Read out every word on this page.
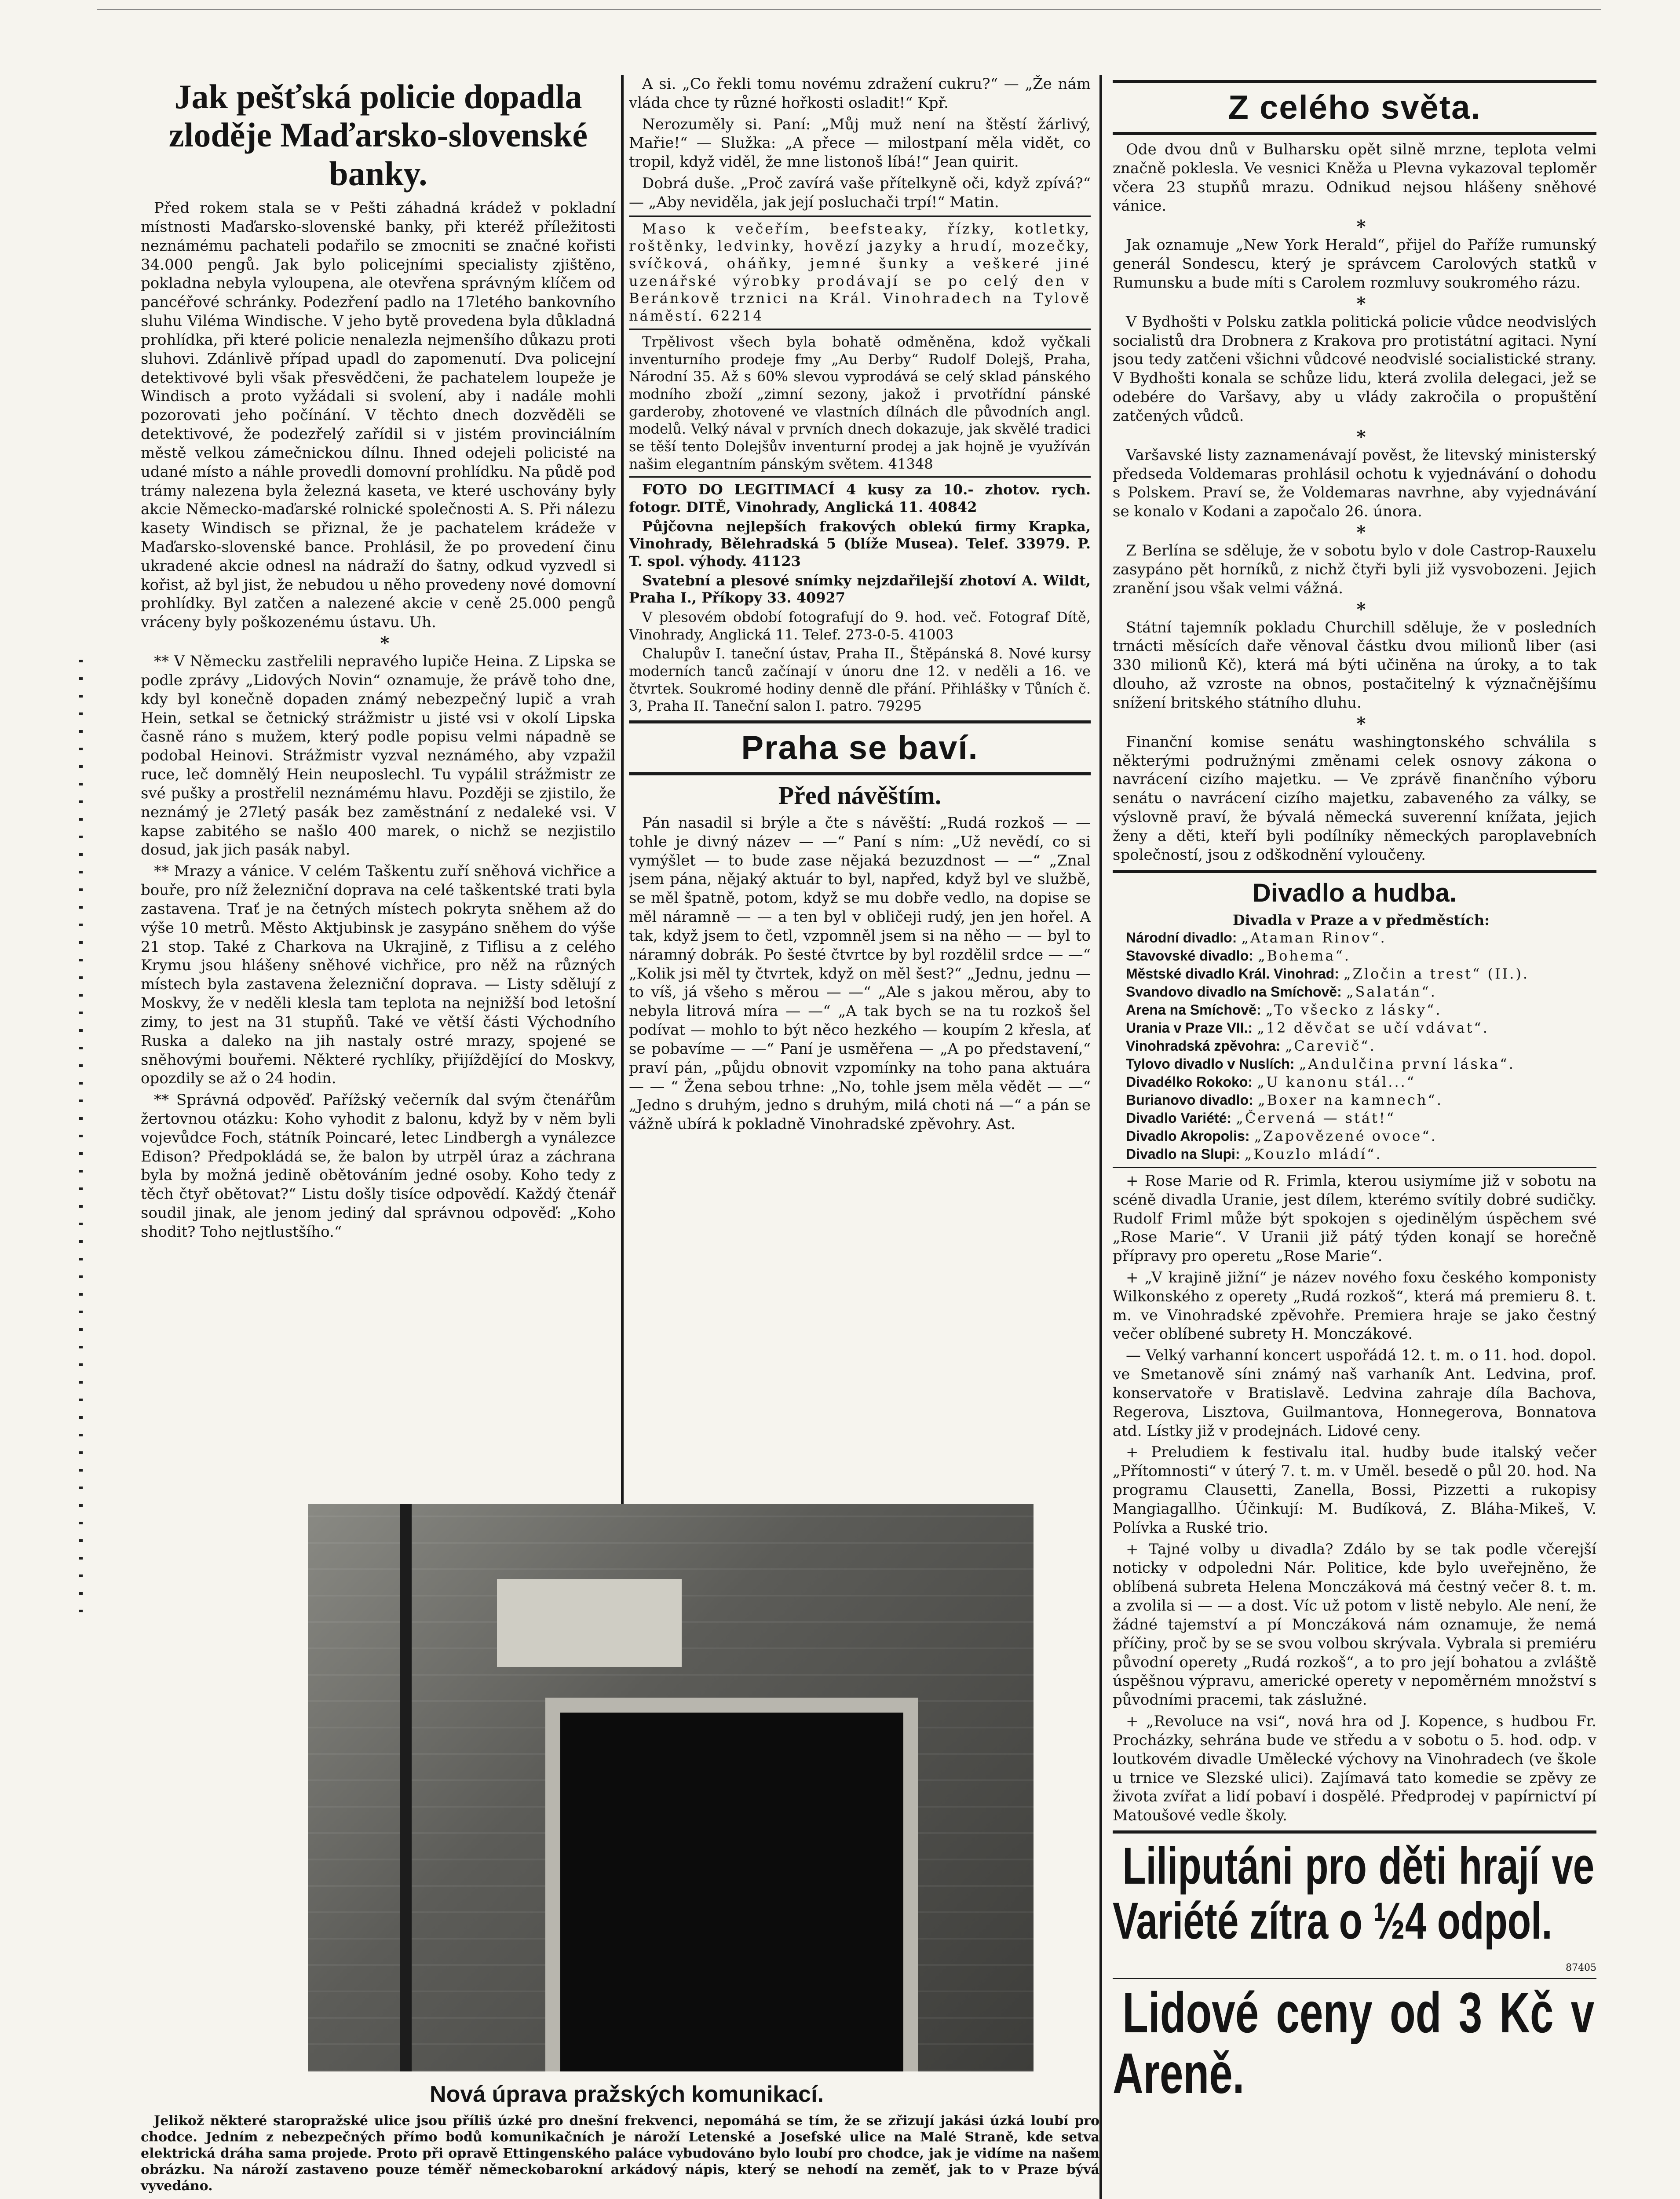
Jak pešťská policie dopadla zloděje Maďarsko-slovenské banky.

Před rokem stala se v Pešti záhadná krádež v pokladní místnosti Maďarsko-slovenské banky, při kteréž příležitosti neznámému pachateli podařilo se zmocniti se značné kořisti 34.000 pengů. Jak bylo policejními specialisty zjištěno, pokladna nebyla vyloupena, ale otevřena správným klíčem od pancéřové schránky. Podezření padlo na 17letého bankovního sluhu Viléma Windische. V jeho bytě provedena byla důkladná prohlídka, při které policie nenalezla nejmenšího důkazu proti sluhovi. Zdánlivě případ upadl do zapomenutí. Dva policejní detektivové byli však přesvědčeni, že pachatelem loupeže je Windisch a proto vyžádali si svolení, aby i nadále mohli pozorovati jeho počínání. V těchto dnech dozvěděli se detektivové, že podezřelý zařídil si v jistém provinciálním městě velkou zámečnickou dílnu. Ihned odejeli policisté na udané místo a náhle provedli domovní prohlídku. Na půdě pod trámy nalezena byla železná kaseta, ve které uschovány byly akcie Německo-maďarské rolnické společnosti A. S. Při nálezu kasety Windisch se přiznal, že je pachatelem krádeže v Maďarsko-slovenské bance. Prohlásil, že po provedení činu ukradené akcie odnesl na nádraží do šatny, odkud vyzvedl si kořist, až byl jist, že nebudou u něho provedeny nové domovní prohlídky. Byl zatčen a nalezené akcie v ceně 25.000 pengů vráceny byly poškozenému ústavu. Uh.

*

** V Německu zastřelili nepravého lupiče Heina. Z Lipska se podle zprávy „Lidových Novin“ oznamuje, že právě toho dne, kdy byl konečně dopaden známý nebezpečný lupič a vrah Hein, setkal se četnický strážmistr u jisté vsi v okolí Lipska časně ráno s mužem, který podle popisu velmi nápadně se podobal Heinovi. Strážmistr vyzval neznámého, aby vzpažil ruce, leč domnělý Hein neuposlechl. Tu vypálil strážmistr ze své pušky a prostřelil neznámému hlavu. Později se zjistilo, že neznámý je 27letý pasák bez zaměstnání z nedaleké vsi. V kapse zabitého se našlo 400 marek, o nichž se nezjistilo dosud, jak jich pasák nabyl.

** Mrazy a vánice. V celém Taškentu zuří sněhová vichřice a bouře, pro níž železniční doprava na celé taškentské trati byla zastavena. Trať je na četných místech pokryta sněhem až do výše 10 metrů. Město Aktjubinsk je zasypáno sněhem do výše 21 stop. Také z Charkova na Ukrajině, z Tiflisu a z celého Krymu jsou hlášeny sněhové vichřice, pro něž na různých místech byla zastavena železniční doprava. — Listy sdělují z Moskvy, že v neděli klesla tam teplota na nejnižší bod letošní zimy, to jest na 31 stupňů. Také ve větší části Východního Ruska a daleko na jih nastaly ostré mrazy, spojené se sněhovými bouřemi. Některé rychlíky, přijíždějící do Moskvy, opozdily se až o 24 hodin.

** Správná odpověď. Pařížský večerník dal svým čtenářům žertovnou otázku: Koho vyhodit z balonu, když by v něm byli vojevůdce Foch, státník Poincaré, letec Lindbergh a vynálezce Edison? Předpokládá se, že balon by utrpěl úraz a záchrana byla by možná jedině obětováním jedné osoby. Koho tedy z těch čtyř obětovat?“ Listu došly tisíce odpovědí. Každý čtenář soudil jinak, ale jenom jediný dal správnou odpověď: „Koho shodit? Toho nejtlustšího.“

A si. „Co řekli tomu novému zdražení cukru?“ — „Že nám vláda chce ty různé hořkosti osladit!“ Kpř.

Nerozuměly si. Paní: „Můj muž není na štěstí žárlivý, Mařie!“ — Služka: „A přece — milostpaní měla vidět, co tropil, když viděl, že mne listonoš líbá!“ Jean quirit.

Dobrá duše. „Proč zavírá vaše přítelkyně oči, když zpívá?“ — „Aby neviděla, jak její posluchači trpí!“ Matin.

Maso k večeřím, beefsteaky, řízky, kotletky, roštěnky, ledvinky, hovězí jazyky a hrudí, mozečky, svíčková, oháňky, jemné šunky a veškeré jiné uzenářské výrobky prodávají se po celý den v Beránkově trznici na Král. Vinohradech na Tylově náměstí. 62214

Trpělivost všech byla bohatě odměněna, kdož vyčkali inventurního prodeje fmy „Au Derby“ Rudolf Dolejš, Praha, Národní 35. Až s 60% slevou vyprodává se celý sklad pánského modního zboží „zimní sezony, jakož i prvotřídní pánské garderoby, zhotovené ve vlastních dílnách dle původních angl. modelů. Velký nával v prvních dnech dokazuje, jak skvělé tradici se těší tento Dolejšův inventurní prodej a jak hojně je využíván našim elegantním pánským světem. 41348

FOTO DO LEGITIMACÍ 4 kusy za 10.- zhotov. rych. fotogr. DITĚ, Vinohrady, Anglická 11. 40842

Půjčovna nejlepších frakových oblekú firmy Krapka, Vinohrady, Bělehradská 5 (blíže Musea). Telef. 33979. P. T. spol. výhody. 41123

Svatební a plesové snímky nejzdařilejší zhotoví A. Wildt, Praha I., Příkopy 33. 40927

V plesovém období fotografují do 9. hod. več. Fotograf Dítě, Vinohrady, Anglická 11. Telef. 273-0-5. 41003

Chalupův I. taneční ústav, Praha II., Štěpánská 8. Nové kursy moderních tanců začínají v únoru dne 12. v neděli a 16. ve čtvrtek. Soukromé hodiny denně dle přání. Přihlášky v Tůních č. 3, Praha II. Taneční salon I. patro. 79295

Praha se baví.
Před návěštím.

Pán nasadil si brýle a čte s návěští: „Rudá rozkoš — — tohle je divný název — —“ Paní s ním: „Už nevědí, co si vymýšlet — to bude zase nějaká bezuzdnost — —“ „Znal jsem pána, nějaký aktuár to byl, napřed, když byl ve službě, se měl špatně, potom, když se mu dobře vedlo, na dopise se měl náramně — — a ten byl v obličeji rudý, jen jen hořel. A tak, když jsem to četl, vzpomněl jsem si na něho — — byl to náramný dobrák. Po šesté čtvrtce by byl rozdělil srdce — —“ „Kolik jsi měl ty čtvrtek, když on měl šest?“ „Jednu, jednu — to víš, já všeho s měrou — —“ „Ale s jakou měrou, aby to nebyla litrová míra — —“ „A tak bych se na tu rozkoš šel podívat — mohlo to být něco hezkého — koupím 2 křesla, ať se pobavíme — —“ Paní je usměřena — „A po představení,“ praví pán, „půjdu obnovit vzpomínky na toho pana aktuára — — “ Žena sebou trhne: „No, tohle jsem měla vědět — —“ „Jedno s druhým, jedno s druhým, milá choti ná —“ a pán se vážně ubírá k pokladně Vinohradské zpěvohry. Ast.

Z celého světa.

Ode dvou dnů v Bulharsku opět silně mrzne, teplota velmi značně poklesla. Ve vesnici Kněža u Plevna vykazoval teploměr včera 23 stupňů mrazu. Odnikud nejsou hlášeny sněhové vánice.

*

Jak oznamuje „New York Herald“, přijel do Paříže rumunský generál Sondescu, který je správcem Carolových statků v Rumunsku a bude míti s Carolem rozmluvy soukromého rázu.

*

V Bydhošti v Polsku zatkla politická policie vůdce neodvislých socialistů dra Drobnera z Krakova pro protistátní agitaci. Nyní jsou tedy zatčeni všichni vůdcové neodvislé socialistické strany. V Bydhošti konala se schůze lidu, která zvolila delegaci, jež se odebére do Varšavy, aby u vlády zakročila o propuštění zatčených vůdců.

*

Varšavské listy zaznamenávají pověst, že litevský ministerský předseda Voldemaras prohlásil ochotu k vyjednávání o dohodu s Polskem. Praví se, že Voldemaras navrhne, aby vyjednávání se konalo v Kodani a započalo 26. února.

*

Z Berlína se sděluje, že v sobotu bylo v dole Castrop-Rauxelu zasypáno pět horníků, z nichž čtyři byli již vysvobozeni. Jejich zranění jsou však velmi vážná.

*

Státní tajemník pokladu Churchill sděluje, že v posledních trnácti měsících daře věnoval částku dvou milionů liber (asi 330 milionů Kč), která má býti učiněna na úroky, a to tak dlouho, až vzroste na obnos, postačitelný k význačnějšímu snížení britského státního dluhu.

*

Finanční komise senátu washingtonského schválila s některými podružnými změnami celek osnovy zákona o navrácení cizího majetku. — Ve zprávě finančního výboru senátu o navrácení cizího majetku, zabaveného za války, se výslovně praví, že bývalá německá suverenní knížata, jejich ženy a děti, kteří byli podílníky německých paroplavebních společností, jsou z odškodnění vyloučeny.

Divadlo a hudba.

Divadla v Praze a v předměstích:

Národní divadlo: „Ataman Rinov“.

Stavovské divadlo: „Bohema“.

Městské divadlo Král. Vinohrad: „Zločin a trest“ (II.).

Svandovo divadlo na Smíchově: „Salatán“.

Arena na Smíchově: „To všecko z lásky“.

Urania v Praze VII.: „12 děvčat se učí vdávat“.

Vinohradská zpěvohra: „Carevič“.

Tylovo divadlo v Nuslích: „Andulčina první láska“.

Divadélko Rokoko: „U kanonu stál...“

Burianovo divadlo: „Boxer na kamnech“.

Divadlo Variété: „Červená — stát!“

Divadlo Akropolis: „Zapovězené ovoce“.

Divadlo na Slupi: „Kouzlo mládí“.

+ Rose Marie od R. Frimla, kterou usiymíme již v sobotu na scéně divadla Uranie, jest dílem, kterémo svítily dobré sudičky. Rudolf Friml může být spokojen s ojedinělým úspěchem své „Rose Marie“. V Uranii již pátý týden konají se horečně přípravy pro operetu „Rose Marie“.

+ „V krajině jižní“ je název nového foxu českého komponisty Wilkonského z operety „Rudá rozkoš“, která má premieru 8. t. m. ve Vinohradské zpěvohře. Premiera hraje se jako čestný večer oblíbené subrety H. Monczákové.

— Velký varhanní koncert uspořádá 12. t. m. o 11. hod. dopol. ve Smetanově síni známý naš varhaník Ant. Ledvina, prof. konservatoře v Bratislavě. Ledvina zahraje díla Bachova, Regerova, Lisztova, Guilmantova, Honnegerova, Bonnatova atd. Lístky již v prodejnách. Lidové ceny.

+ Preludiem k festivalu ital. hudby bude italský večer „Přítomnosti“ v úterý 7. t. m. v Uměl. besedě o půl 20. hod. Na programu Clausetti, Zanella, Bossi, Pizzetti a rukopisy Mangiagallho. Účinkují: M. Budíková, Z. Bláha-Mikeš, V. Polívka a Ruské trio.

+ Tajné volby u divadla? Zdálo by se tak podle včerejší noticky v odpoledni Nár. Politice, kde bylo uveřejněno, že oblíbená subreta Helena Monczáková má čestný večer 8. t. m. a zvolila si — — a dost. Víc už potom v listě nebylo. Ale není, že žádné tajemství a pí Monczáková nám oznamuje, že nemá příčiny, proč by se se svou volbou skrývala. Vybrala si premiéru původní operety „Rudá rozkoš“, a to pro její bohatou a zvláště úspěšnou výpravu, americké operety v nepoměrném množství s původními pracemi, tak záslužné.

+ „Revoluce na vsi“, nová hra od J. Kopence, s hudbou Fr. Procházky, sehrána bude ve středu a v sobotu o 5. hod. odp. v loutkovém divadle Umělecké výchovy na Vinohradech (ve škole u trnice ve Slezské ulici). Zajímavá tato komedie se zpěvy ze života zvířat a lidí pobaví i dospělé. Předprodej v papírnictví pí Matoušové vedle školy.

Liliputáni pro děti hrají ve Variété zítra o ½4 odpol.

87405

Lidové ceny od 3 Kč v Areně.

Nová úprava pražských komunikací.

Jelikož některé staropražské ulice jsou příliš úzké pro dnešní frekvenci, nepomáhá se tím, že se zřizují jakási úzká loubí pro chodce. Jedním z nebezpečných přímo bodů komunikačních je nároží Letenské a Josefské ulice na Malé Straně, kde setva elektrická dráha sama projede. Proto při opravě Ettingenského paláce vybudováno bylo loubí pro chodce, jak je vidíme na našem obrázku. Na nároží zastaveno pouze téměř německobarokní arkádový nápis, který se nehodí na zeměť, jak to v Praze bývá vyvedáno.
